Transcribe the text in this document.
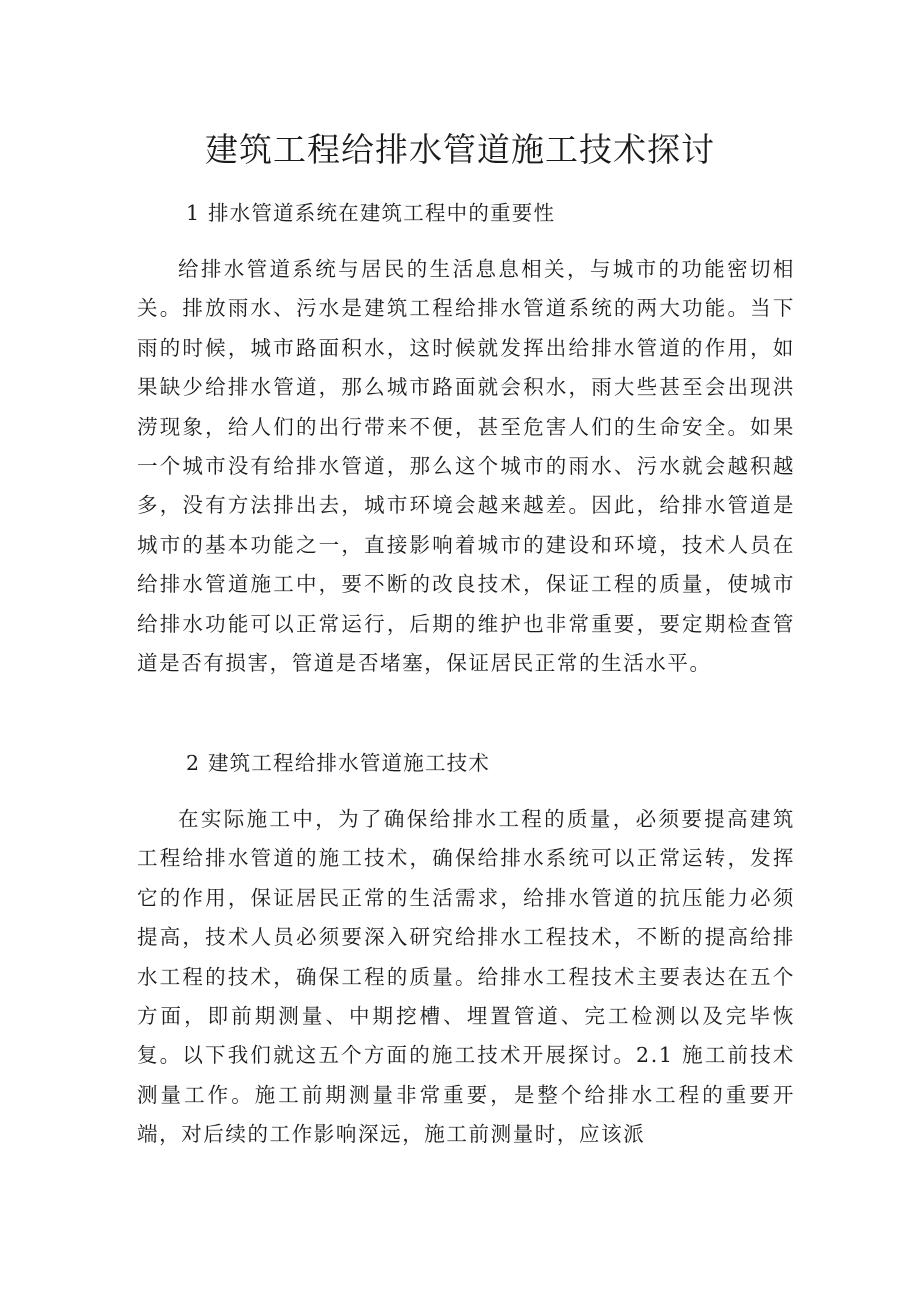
建筑工程给排水管道施工技术探讨
1 排水管道系统在建筑工程中的重要性

给排水管道系统与居民的生活息息相关，与城市的功能密切相关。排放雨水、污水是建筑工程给排水管道系统的两大功能。当下雨的时候，城市路面积水，这时候就发挥出给排水管道的作用，如果缺少给排水管道，那么城市路面就会积水，雨大些甚至会出现洪涝现象，给人们的出行带来不便，甚至危害人们的生命安全。如果一个城市没有给排水管道，那么这个城市的雨水、污水就会越积越多，没有方法排出去，城市环境会越来越差。因此，给排水管道是城市的基本功能之一，直接影响着城市的建设和环境，技术人员在给排水管道施工中，要不断的改良技术，保证工程的质量，使城市给排水功能可以正常运行，后期的维护也非常重要，要定期检查管道是否有损害，管道是否堵塞，保证居民正常的生活水平。

2 建筑工程给排水管道施工技术

在实际施工中，为了确保给排水工程的质量，必须要提高建筑工程给排水管道的施工技术，确保给排水系统可以正常运转，发挥它的作用，保证居民正常的生活需求，给排水管道的抗压能力必须提高，技术人员必须要深入研究给排水工程技术，不断的提高给排水工程的技术，确保工程的质量。给排水工程技术主要表达在五个方面，即前期测量、中期挖槽、埋置管道、完工检测以及完毕恢复。以下我们就这五个方面的施工技术开展探讨。2.1 施工前技术测量工作。施工前期测量非常重要，是整个给排水工程的重要开端，对后续的工作影响深远，施工前测量时，应该派
